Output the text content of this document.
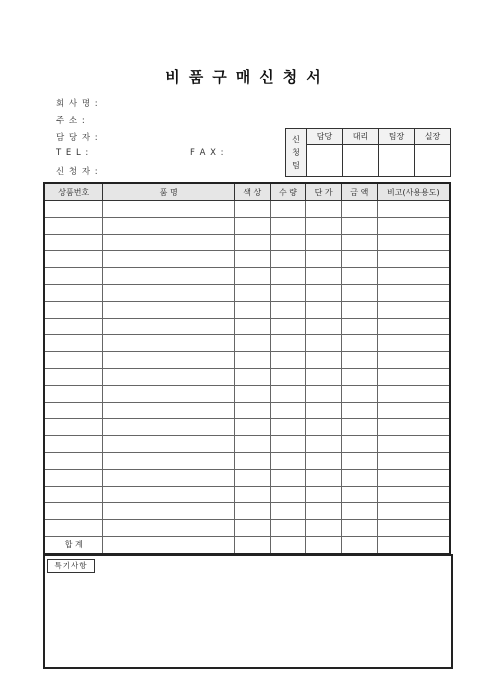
비품구매신청서
회 사 명 :
주 소 :
담 당 자 :
T E L :
신 청 자 :
F A X :
신
청
팀	담당	대리	팀장	실장

상품번호	품 명	색 상	수 량	단 가	금 액	비고(사용용도)

합 계						
특기사항
